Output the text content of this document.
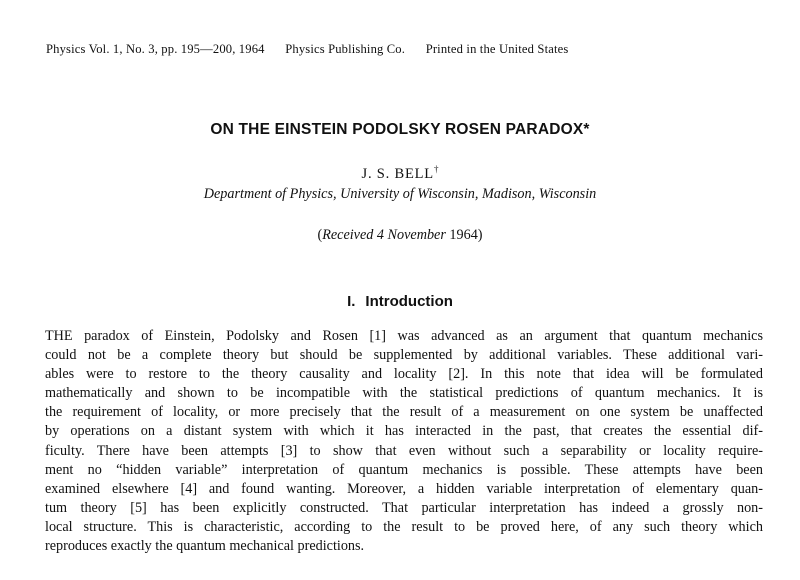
Physics Vol. 1, No. 3, pp. 195—200, 1964 Physics Publishing Co. Printed in the United States
ON THE EINSTEIN PODOLSKY ROSEN PARADOX*
J. S. BELL†
Department of Physics, University of Wisconsin, Madison, Wisconsin
(Received 4 November 1964)
I. Introduction
THE paradox of Einstein, Podolsky and Rosen [1] was advanced as an argument that quantum mechanics
could not be a complete theory but should be supplemented by additional variables. These additional vari-
ables were to restore to the theory causality and locality [2]. In this note that idea will be formulated
mathematically and shown to be incompatible with the statistical predictions of quantum mechanics. It is
the requirement of locality, or more precisely that the result of a measurement on one system be unaffected
by operations on a distant system with which it has interacted in the past, that creates the essential dif-
ficulty. There have been attempts [3] to show that even without such a separability or locality require-
ment no “hidden variable” interpretation of quantum mechanics is possible. These attempts have been
examined elsewhere [4] and found wanting. Moreover, a hidden variable interpretation of elementary quan-
tum theory [5] has been explicitly constructed. That particular interpretation has indeed a grossly non-
local structure. This is characteristic, according to the result to be proved here, of any such theory which
reproduces exactly the quantum mechanical predictions.
